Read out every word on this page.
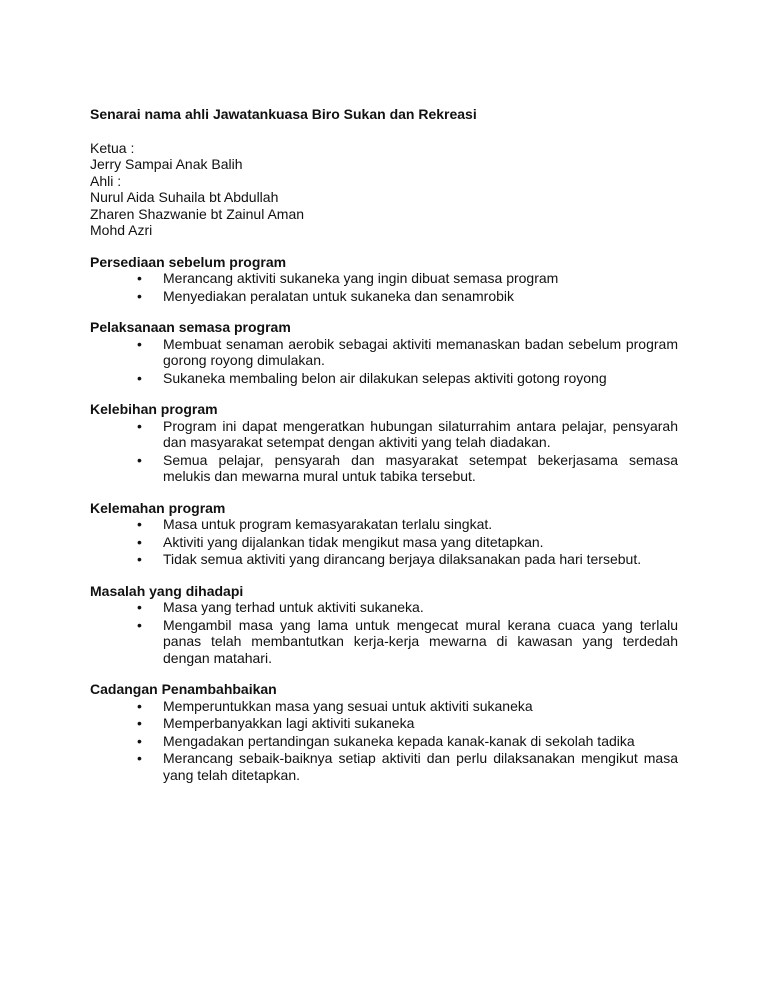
Senarai nama ahli Jawatankuasa Biro Sukan dan Rekreasi

Ketua :

Jerry Sampai Anak Balih

Ahli :

Nurul Aida Suhaila bt Abdullah

Zharen Shazwanie bt Zainul Aman

Mohd Azri

Persediaan sebelum program

• Merancang aktiviti sukaneka yang ingin dibuat semasa program
• Menyediakan peralatan untuk sukaneka dan senamrobik

Pelaksanaan semasa program

• Membuat senaman aerobik sebagai aktiviti memanaskan badan sebelum program gorong royong dimulakan.
• Sukaneka membaling belon air dilakukan selepas aktiviti gotong royong

Kelebihan program

• Program ini dapat mengeratkan hubungan silaturrahim antara pelajar, pensyarah dan masyarakat setempat dengan aktiviti yang telah diadakan.
• Semua pelajar, pensyarah dan masyarakat setempat bekerjasama semasa melukis dan mewarna mural untuk tabika tersebut.

Kelemahan program

• Masa untuk program kemasyarakatan terlalu singkat.
• Aktiviti yang dijalankan tidak mengikut masa yang ditetapkan.
• Tidak semua aktiviti yang dirancang berjaya dilaksanakan pada hari tersebut.

Masalah yang dihadapi

• Masa yang terhad untuk aktiviti sukaneka.
• Mengambil masa yang lama untuk mengecat mural kerana cuaca yang terlalu panas telah membantutkan kerja-kerja mewarna di kawasan yang terdedah dengan matahari.

Cadangan Penambahbaikan

• Memperuntukkan masa yang sesuai untuk aktiviti sukaneka
• Memperbanyakkan lagi aktiviti sukaneka
• Mengadakan pertandingan sukaneka kepada kanak-kanak di sekolah tadika
• Merancang sebaik-baiknya setiap aktiviti dan perlu dilaksanakan mengikut masa yang telah ditetapkan.
